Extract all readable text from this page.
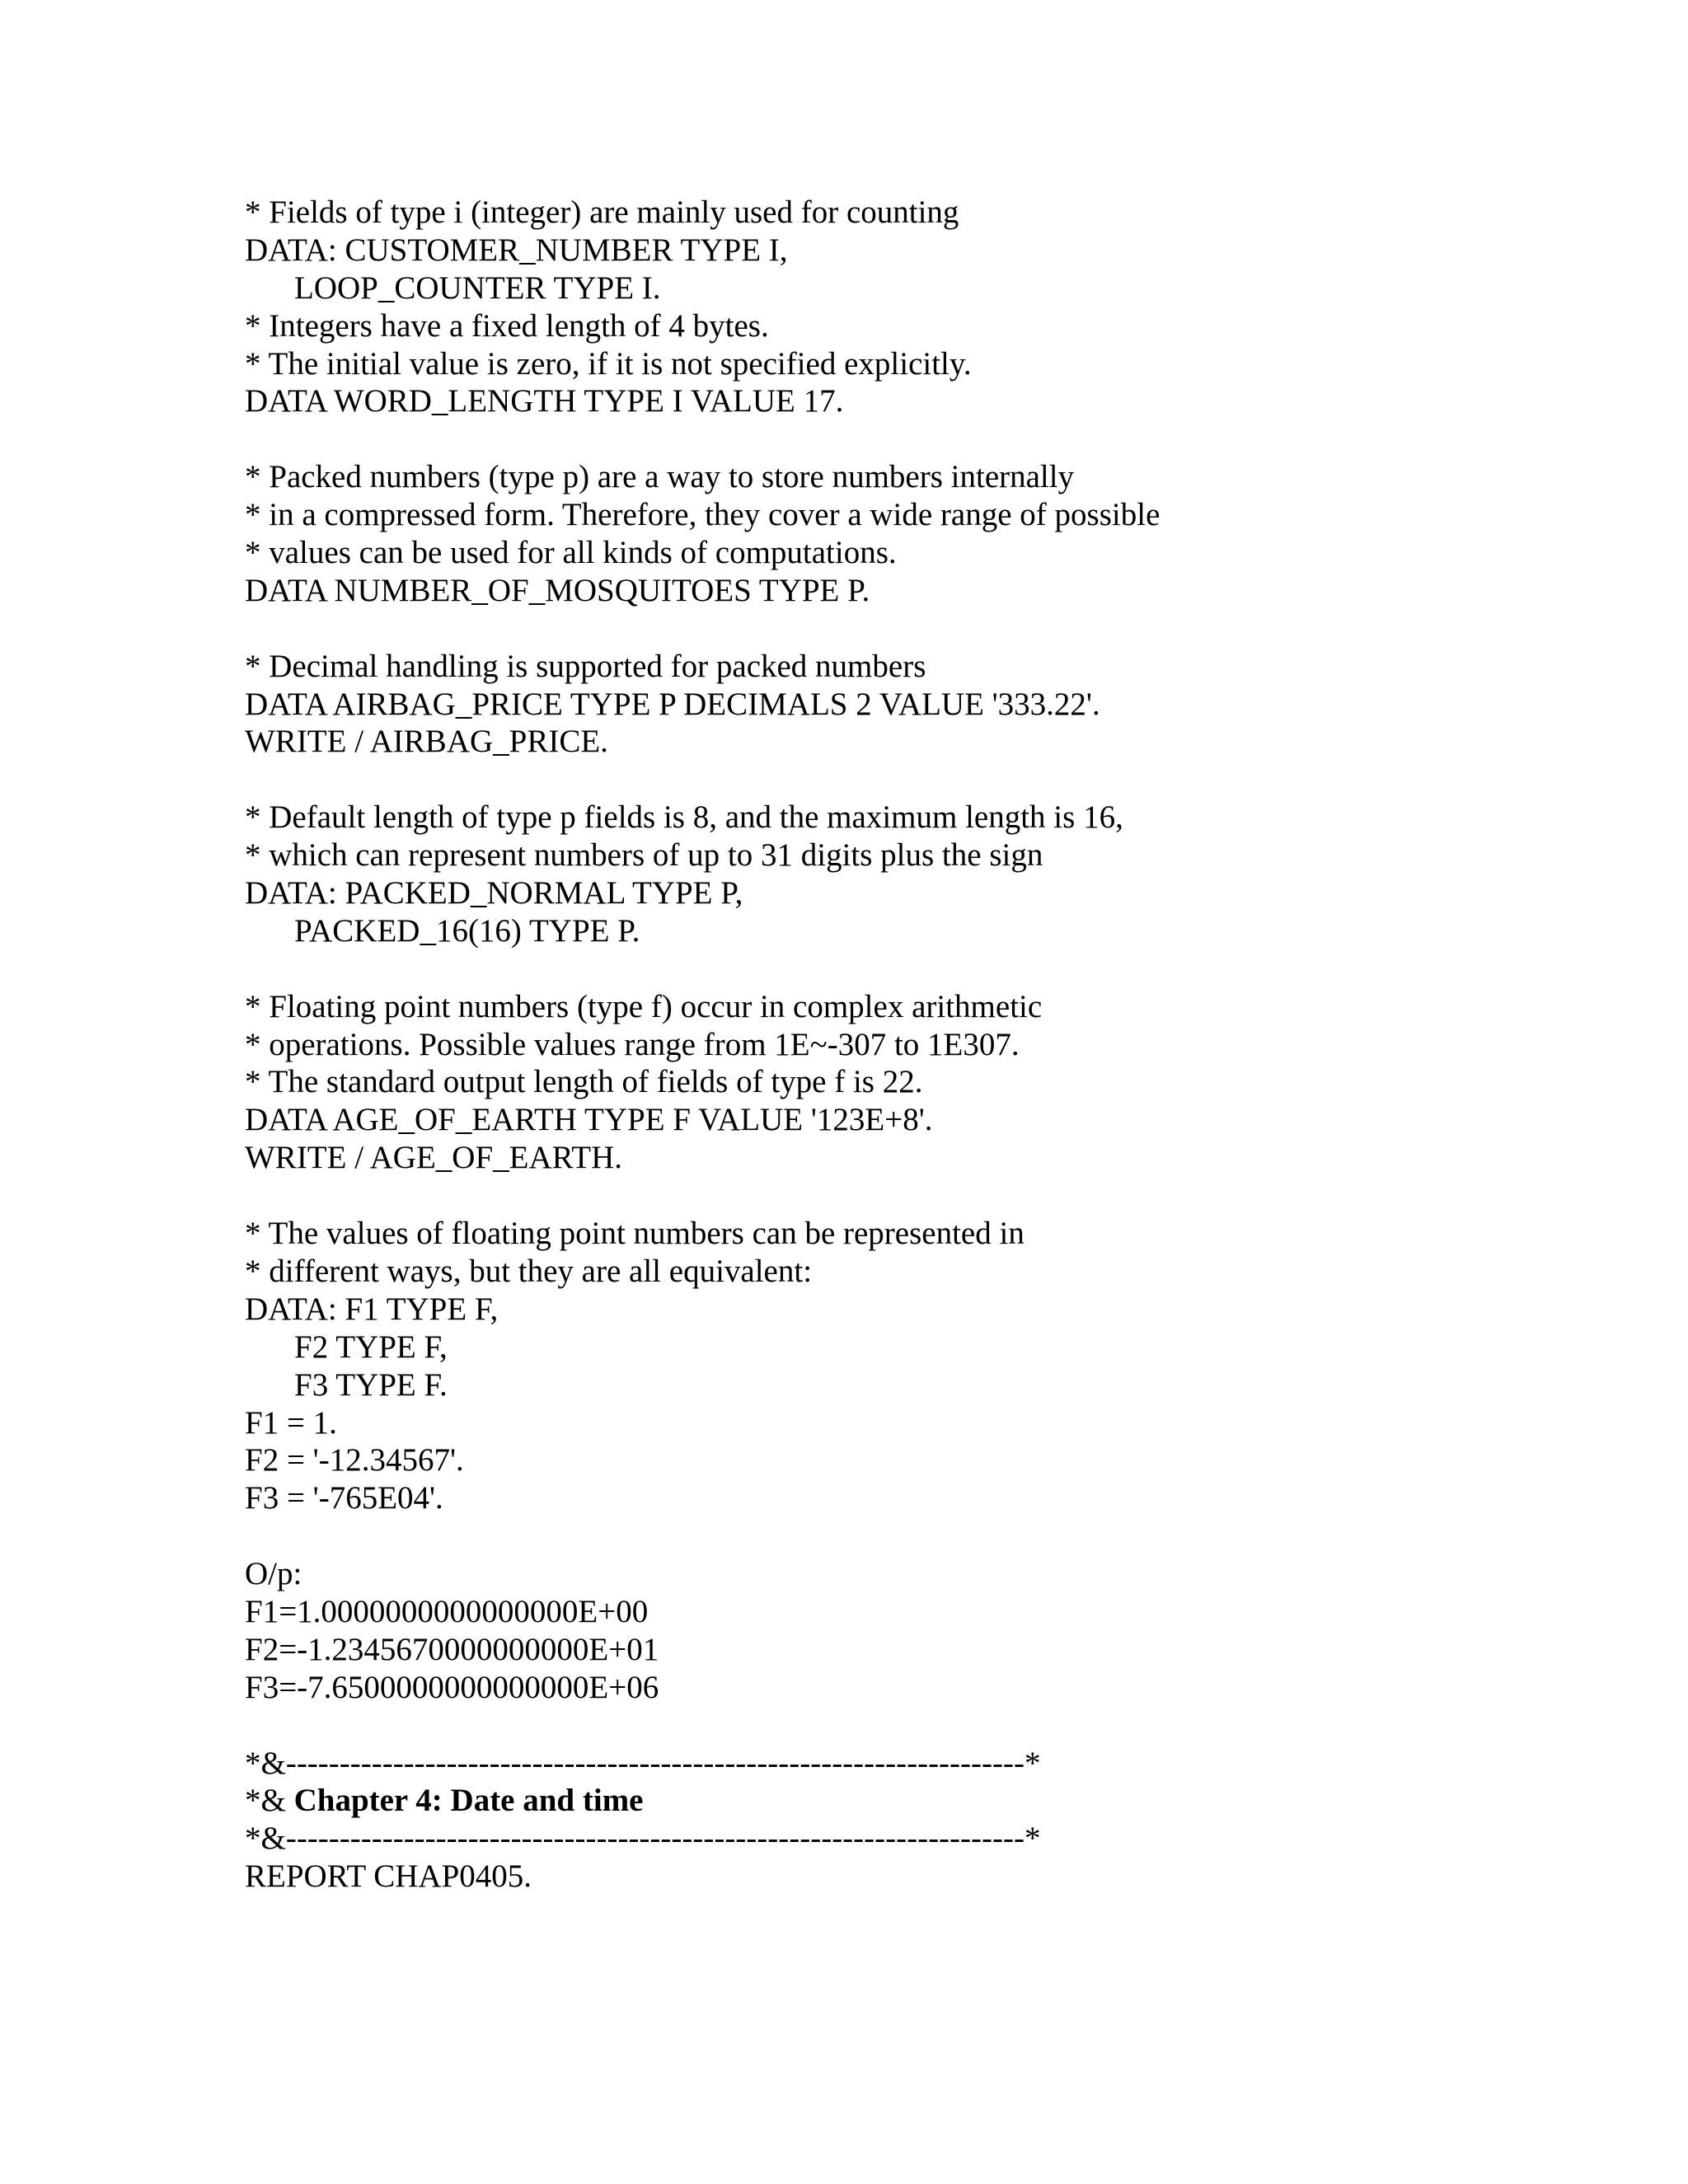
* Fields of type i (integer) are mainly used for counting
DATA: CUSTOMER_NUMBER TYPE I,
LOOP_COUNTER TYPE I.
* Integers have a fixed length of 4 bytes.
* The initial value is zero, if it is not specified explicitly.
DATA WORD_LENGTH TYPE I VALUE 17.
* Packed numbers (type p) are a way to store numbers internally
* in a compressed form. Therefore, they cover a wide range of possible
* values can be used for all kinds of computations.
DATA NUMBER_OF_MOSQUITOES TYPE P.
* Decimal handling is supported for packed numbers
DATA AIRBAG_PRICE TYPE P DECIMALS 2 VALUE '333.22'.
WRITE / AIRBAG_PRICE.
* Default length of type p fields is 8, and the maximum length is 16,
* which can represent numbers of up to 31 digits plus the sign
DATA: PACKED_NORMAL TYPE P,
PACKED_16(16) TYPE P.
* Floating point numbers (type f) occur in complex arithmetic
* operations. Possible values range from 1E~-307 to 1E307.
* The standard output length of fields of type f is 22.
DATA AGE_OF_EARTH TYPE F VALUE '123E+8'.
WRITE / AGE_OF_EARTH.
* The values of floating point numbers can be represented in
* different ways, but they are all equivalent:
DATA: F1 TYPE F,
F2 TYPE F,
F3 TYPE F.
F1 = 1.
F2 = '-12.34567'.
F3 = '-765E04'.
O/p:
F1=1.0000000000000000E+00
F2=-1.2345670000000000E+01
F3=-7.6500000000000000E+06
*&---------------------------------------------------------------------*
*& Chapter 4: Date and time
*&---------------------------------------------------------------------*
REPORT CHAP0405.
